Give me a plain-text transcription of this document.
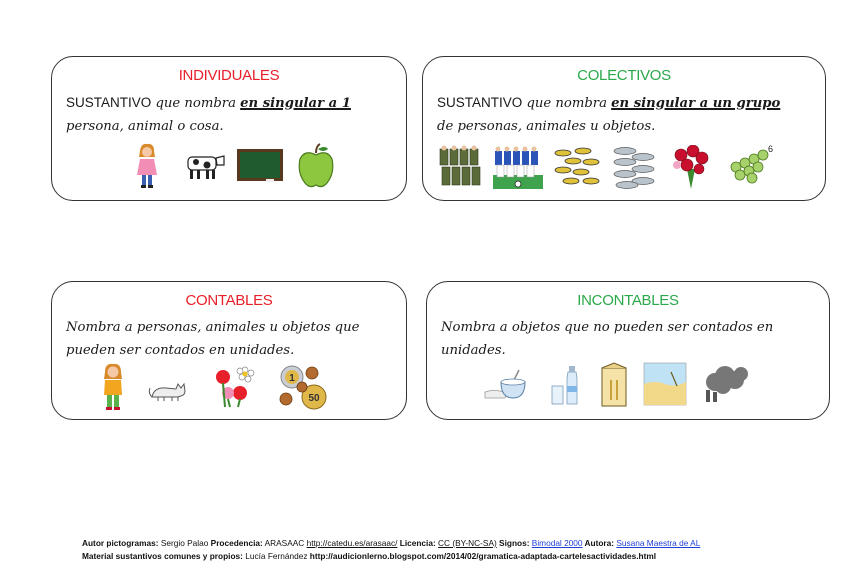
INDIVIDUALES
SUSTANTIVO que nombra en singular a 1
persona, animal o cosa.
COLECTIVOS
SUSTANTIVO que nombra en singular a un grupo
de personas, animales u objetos.
6
CONTABLES
Nombra a personas, animales u objetos que
pueden ser contados en unidades.
1
50
INCONTABLES
Nombra a objetos que no pueden ser contados en
unidades.
Autor pictogramas: Sergio Palao Procedencia: ARASAAC http://catedu.es/arasaac/ Licencia: CC (BY-NC-SA) Signos: Bimodal 2000 Autora: Susana Maestra de AL
Material sustantivos comunes y propios: Lucía Fernández http://audicionlerno.blogspot.com/2014/02/gramatica-adaptada-cartelesactividades.html
